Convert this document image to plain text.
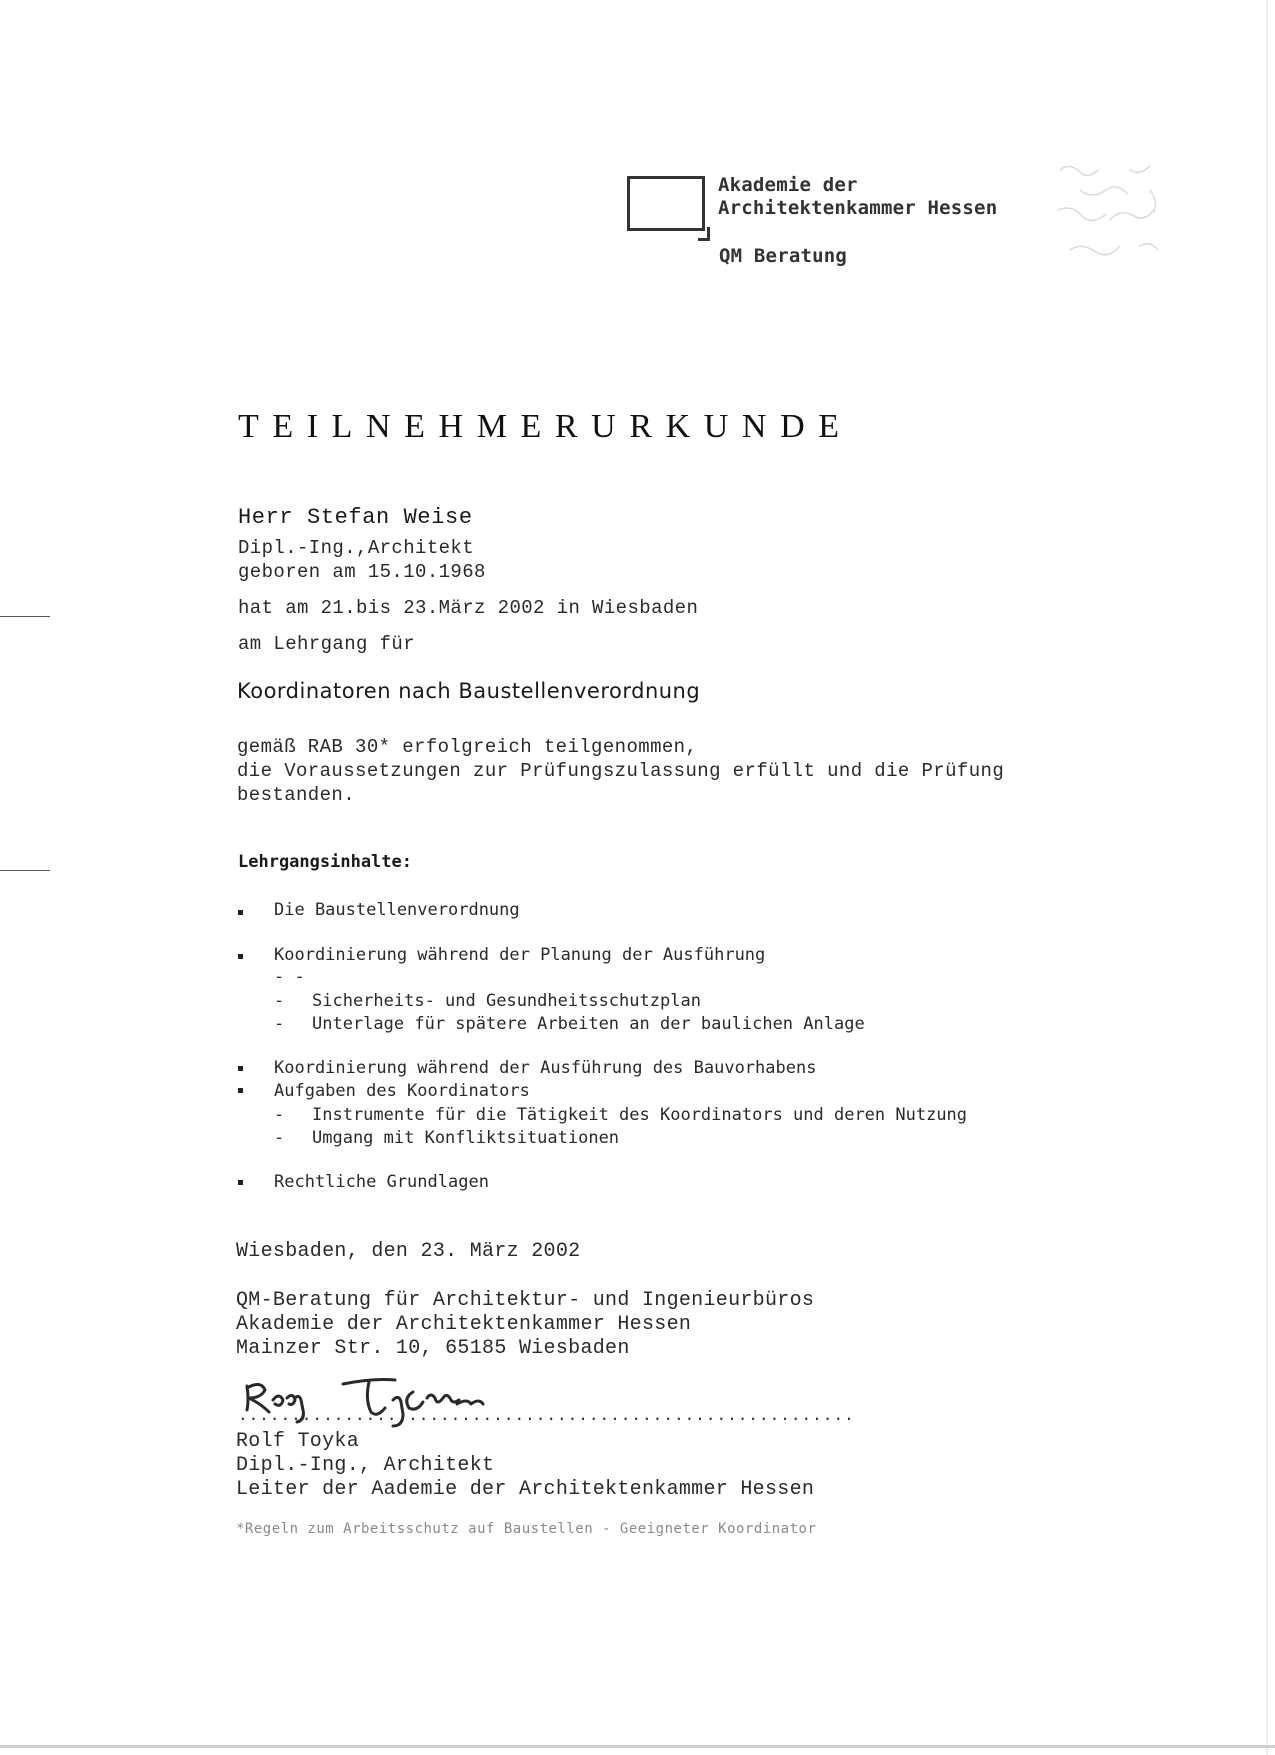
Akademie der
Architektenkammer Hessen
QM Beratung
TEILNEHMERURKUNDE
Herr Stefan Weise
Dipl.-Ing.,Architekt
geboren am 15.10.1968
hat am 21.bis 23.März 2002 in Wiesbaden
am Lehrgang für
Koordinatoren nach Baustellenverordnung
gemäß RAB 30* erfolgreich teilgenommen,
die Voraussetzungen zur Prüfungszulassung erfüllt und die Prüfung
bestanden.
Lehrgangsinhalte:
Die Baustellenverordnung
Koordinierung während der Planung der Ausführung
- -
- Sicherheits- und Gesundheitsschutzplan
- Unterlage für spätere Arbeiten an der baulichen Anlage
Koordinierung während der Ausführung des Bauvorhabens
Aufgaben des Koordinators
- Instrumente für die Tätigkeit des Koordinators und deren Nutzung
- Umgang mit Konfliktsituationen
Rechtliche Grundlagen
Wiesbaden, den 23. März 2002
QM-Beratung für Architektur- und Ingenieurbüros
Akademie der Architektenkammer Hessen
Mainzer Str. 10, 65185 Wiesbaden
..........................................................
Rolf Toyka
Dipl.-Ing., Architekt
Leiter der Aademie der Architektenkammer Hessen
*Regeln zum Arbeitsschutz auf Baustellen - Geeigneter Koordinator
